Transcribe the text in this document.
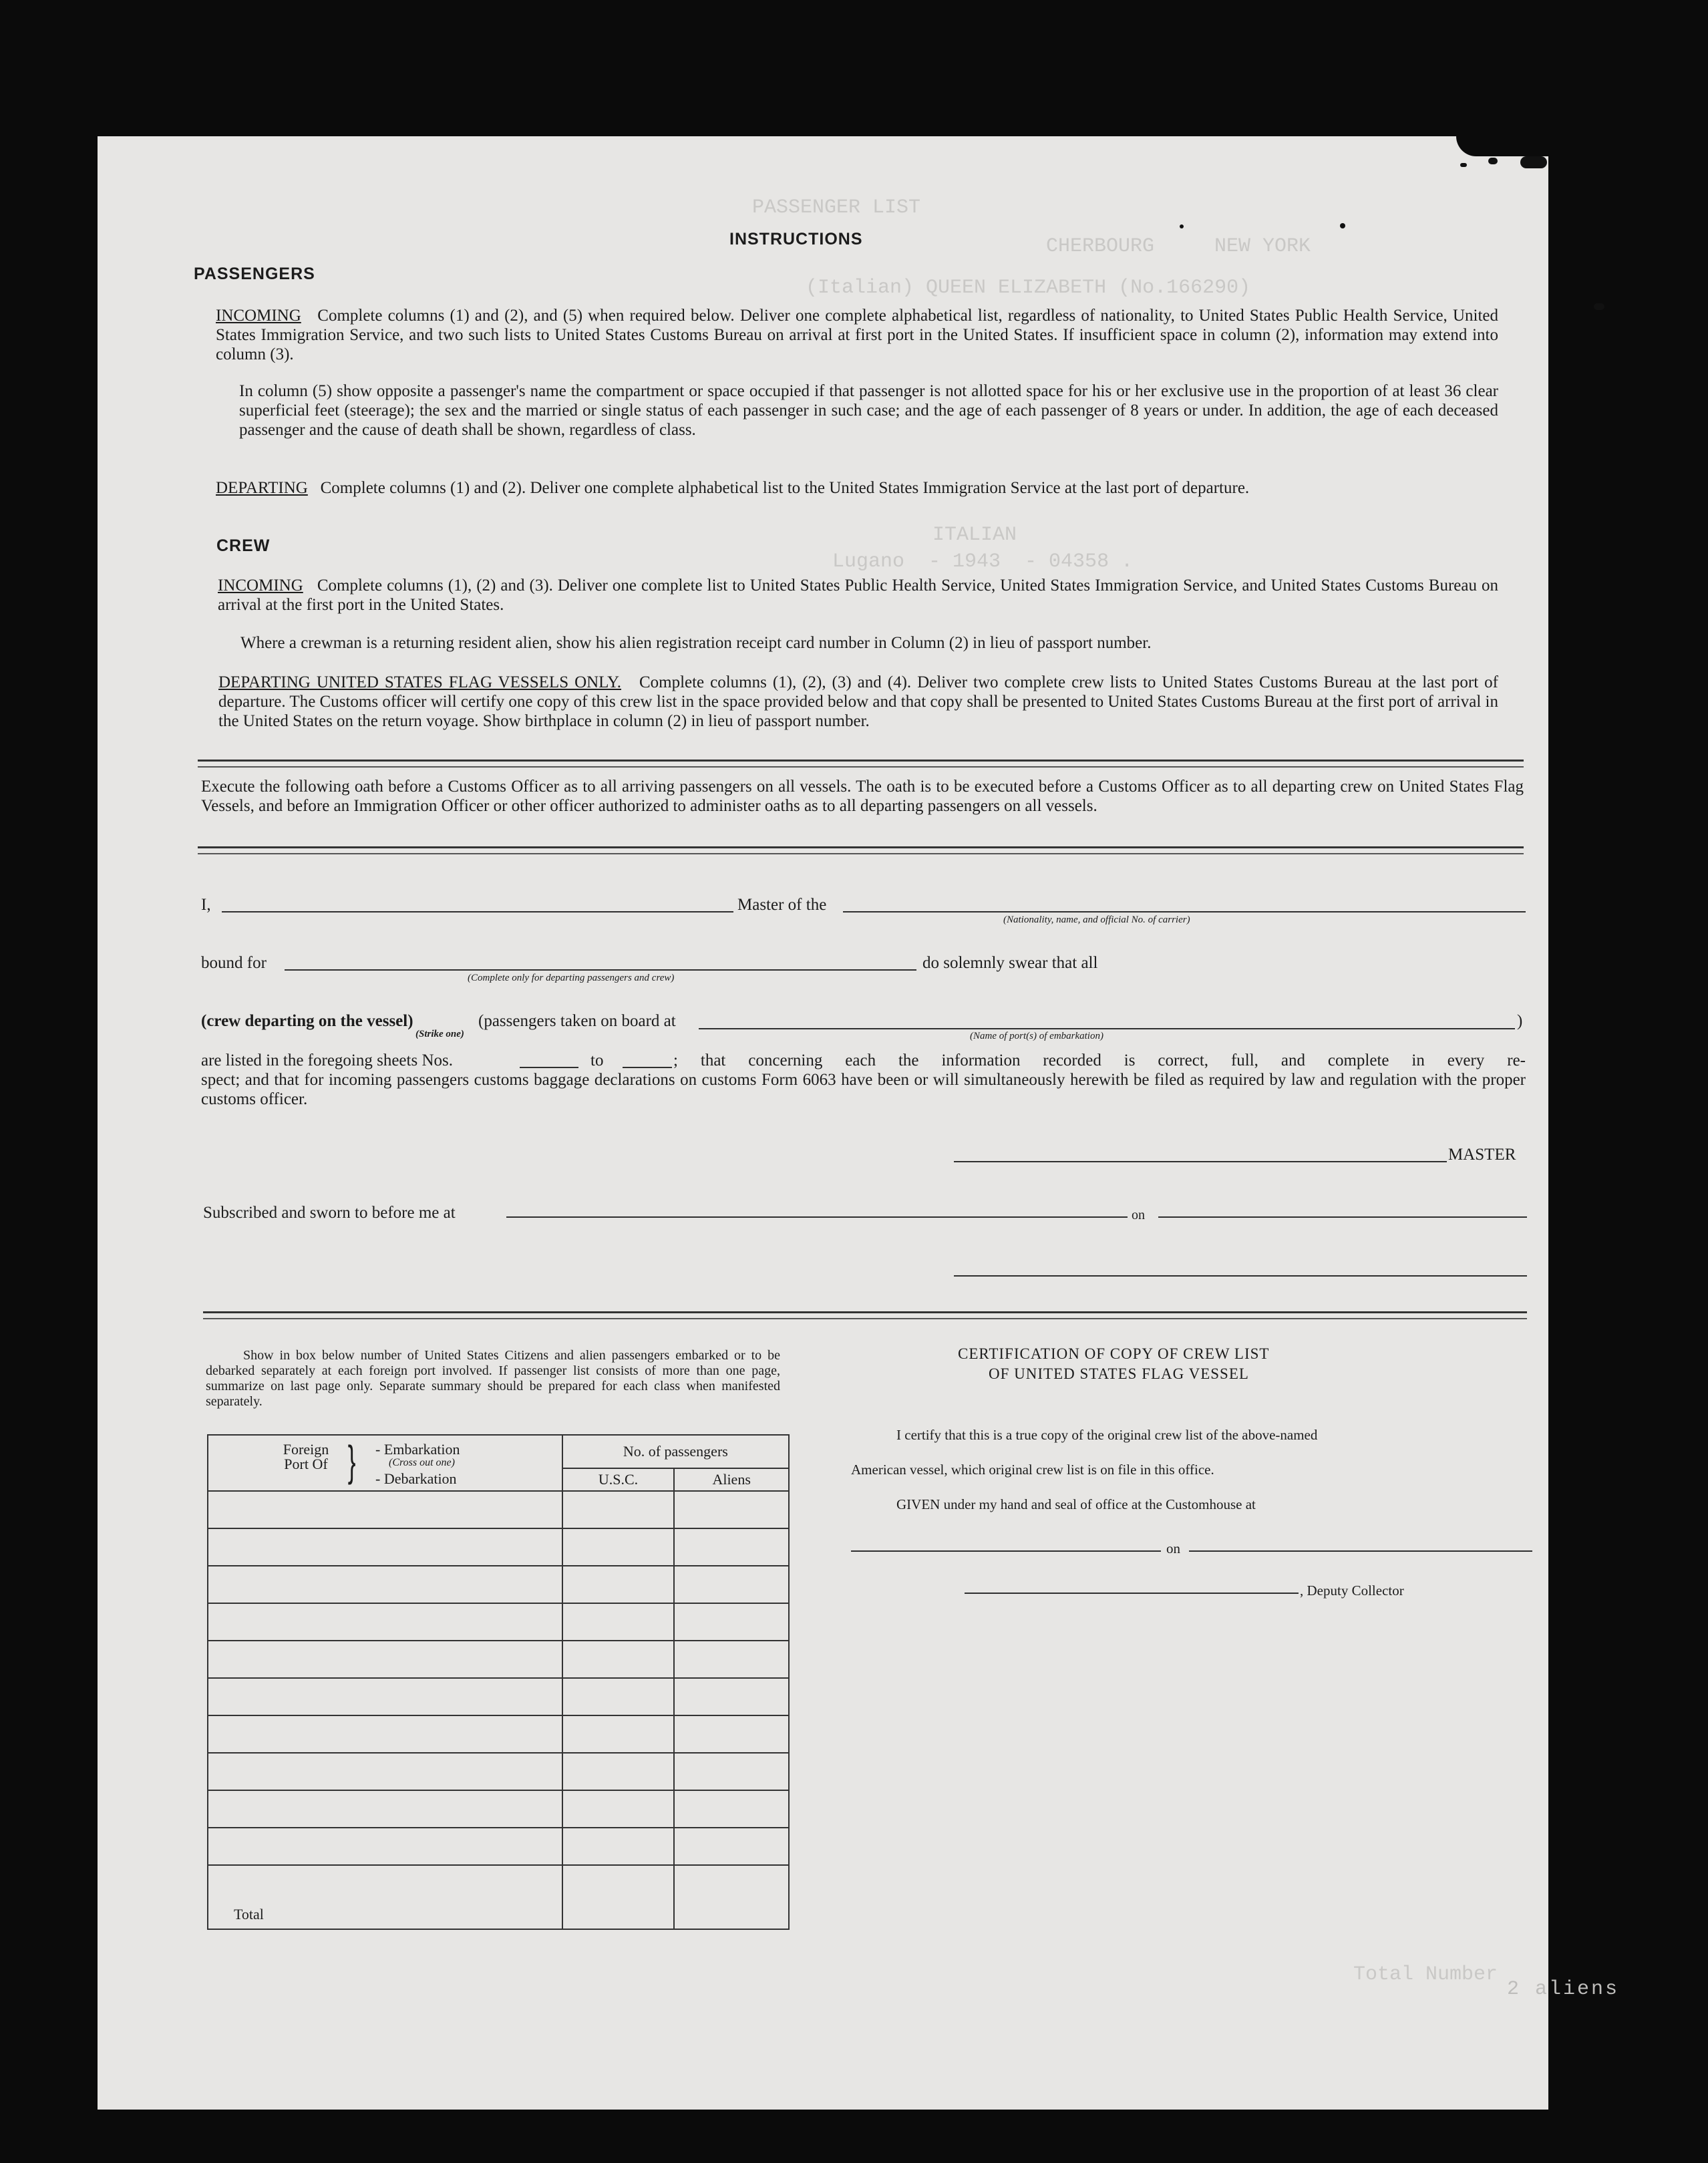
PASSENGER LIST
CHERBOURG     NEW YORK
(Italian) QUEEN ELIZABETH (No.166290)
ITALIAN
Lugano  - 1943  - 04358 .
Total Number
INSTRUCTIONS
PASSENGERS
INCOMING Complete columns (1) and (2), and (5) when required below. Deliver one complete alphabetical list, regardless of nationality, to United States Public Health Service, United States Immigration Service, and two such lists to United States Customs Bureau on arrival at first port in the United States. If insufficient space in column (2), information may extend into column (3).
In column (5) show opposite a passenger's name the compartment or space occupied if that passenger is not allotted space for his or her exclusive use in the proportion of at least 36 clear superficial feet (steerage); the sex and the married or single status of each passenger in such case; and the age of each passenger of 8 years or under. In addition, the age of each deceased passenger and the cause of death shall be shown, regardless of class.
DEPARTING Complete columns (1) and (2). Deliver one complete alphabetical list to the United States Immigration Service at the last port of departure.
CREW
INCOMING Complete columns (1), (2) and (3). Deliver one complete list to United States Public Health Service, United States Immigration Service, and United States Customs Bureau on arrival at the first port in the United States.
Where a crewman is a returning resident alien, show his alien registration receipt card number in Column (2) in lieu of passport number.
DEPARTING UNITED STATES FLAG VESSELS ONLY. Complete columns (1), (2), (3) and (4). Deliver two complete crew lists to United States Customs Bureau at the last port of departure. The Customs officer will certify one copy of this crew list in the space provided below and that copy shall be presented to United States Customs Bureau at the first port of arrival in the United States on the return voyage. Show birthplace in column (2) in lieu of passport number.
Execute the following oath before a Customs Officer as to all arriving passengers on all vessels. The oath is to be executed before a Customs Officer as to all departing crew on United States Flag Vessels, and before an Immigration Officer or other officer authorized to administer oaths as to all departing passengers on all vessels.
I,	Master of the
(Nationality, name, and official No. of carrier)
bound for
(Complete only for departing passengers and crew)
do solemnly swear that all
(crew departing on the vessel)
(Strike one)
(passengers taken on board at	)
(Name of port(s) of embarkation)
are listed in the foregoing sheets Nos.	to	; that concerning each the information recorded is correct, full, and complete in every re-
spect; and that for incoming passengers customs baggage declarations on customs Form 6063 have been or will simultaneously herewith be filed as required by law and regulation with the proper customs officer.
MASTER
Subscribed and sworn to before me at	on
Show in box below number of United States Citizens and alien passengers embarked or to be debarked separately at each foreign port involved. If passenger list consists of more than one page, summarize on last page only. Separate summary should be prepared for each class when manifested separately.
Foreign Port Of } - Embarkation
(Cross out one)
- Debarkation	No. of passengers	
	U.S.C.	Aliens

Total		
CERTIFICATION OF COPY OF CREW LIST
OF UNITED STATES FLAG VESSEL
I certify that this is a true copy of the original crew list of the above-named
American vessel, which original crew list is on file in this office.
GIVEN under my hand and seal of office at the Customhouse at
on
, Deputy Collector
2 aliens
